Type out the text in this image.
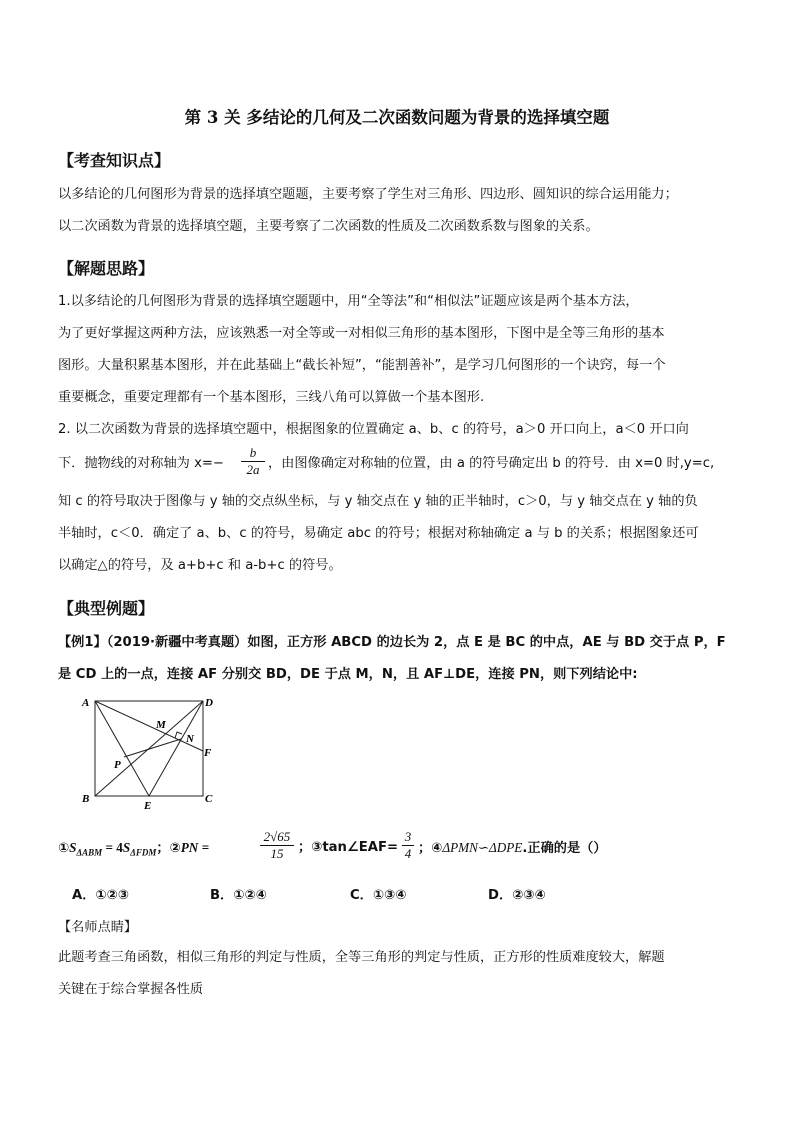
第 3 关 多结论的几何及二次函数问题为背景的选择填空题
【考查知识点】
以多结论的几何图形为背景的选择填空题题，主要考察了学生对三角形、四边形、圆知识的综合运用能力；
以二次函数为背景的选择填空题，主要考察了二次函数的性质及二次函数系数与图象的关系。
【解题思路】
1.以多结论的几何图形为背景的选择填空题题中，用“全等法”和“相似法”证题应该是两个基本方法，
为了更好掌握这两种方法，应该熟悉一对全等或一对相似三角形的基本图形，下图中是全等三角形的基本
图形。大量积累基本图形，并在此基础上“截长补短”，“能割善补”，是学习几何图形的一个诀窍，每一个
重要概念，重要定理都有一个基本图形，三线八角可以算做一个基本图形.
2. 以二次函数为背景的选择填空题中，根据图象的位置确定 a、b、c 的符号，a＞0 开口向上，a＜0 开口向
下．抛物线的对称轴为 $x=- \frac{b}{2a}$ ，由图像确定对称轴的位置，由 a 的符号确定出 b 的符号．由 x=0 时,y=c,
知 c 的符号取决于图像与 y 轴的交点纵坐标，与 y 轴交点在 y 轴的正半轴时，c＞0，与 y 轴交点在 y 轴的负
半轴时，c＜0．确定了 a、b、c 的符号，易确定 abc 的符号；根据对称轴确定 a 与 b 的关系；根据图象还可
以确定△的符号，及 a+b+c 和 a-b+c 的符号。
【典型例题】
【例1】（2019·新疆中考真题）如图，正方形 ABCD 的边长为 2，点 E 是 BC 的中点，AE 与 BD 交于点 P，F
是 CD 上的一点，连接 AF 分别交 BD，DE 于点 M，N，且 AF⊥DE，连接 PN，则下列结论中:
A	D
B	C
E
F
M
N
P
$①S_{\Delta ABM} = 4S_{\Delta FDM}$；②PN =	$\frac{2√65}{15}$ ；③tan∠EAF= $\frac{3}{4}$ ；④ΔPMN∽ΔDPE.正确的是（）
A．①②③	B．①②④	C．①③④	D．②③④
【名师点睛】
此题考查三角函数，相似三角形的判定与性质，全等三角形的判定与性质，正方形的性质难度较大，解题
关键在于综合掌握各性质
